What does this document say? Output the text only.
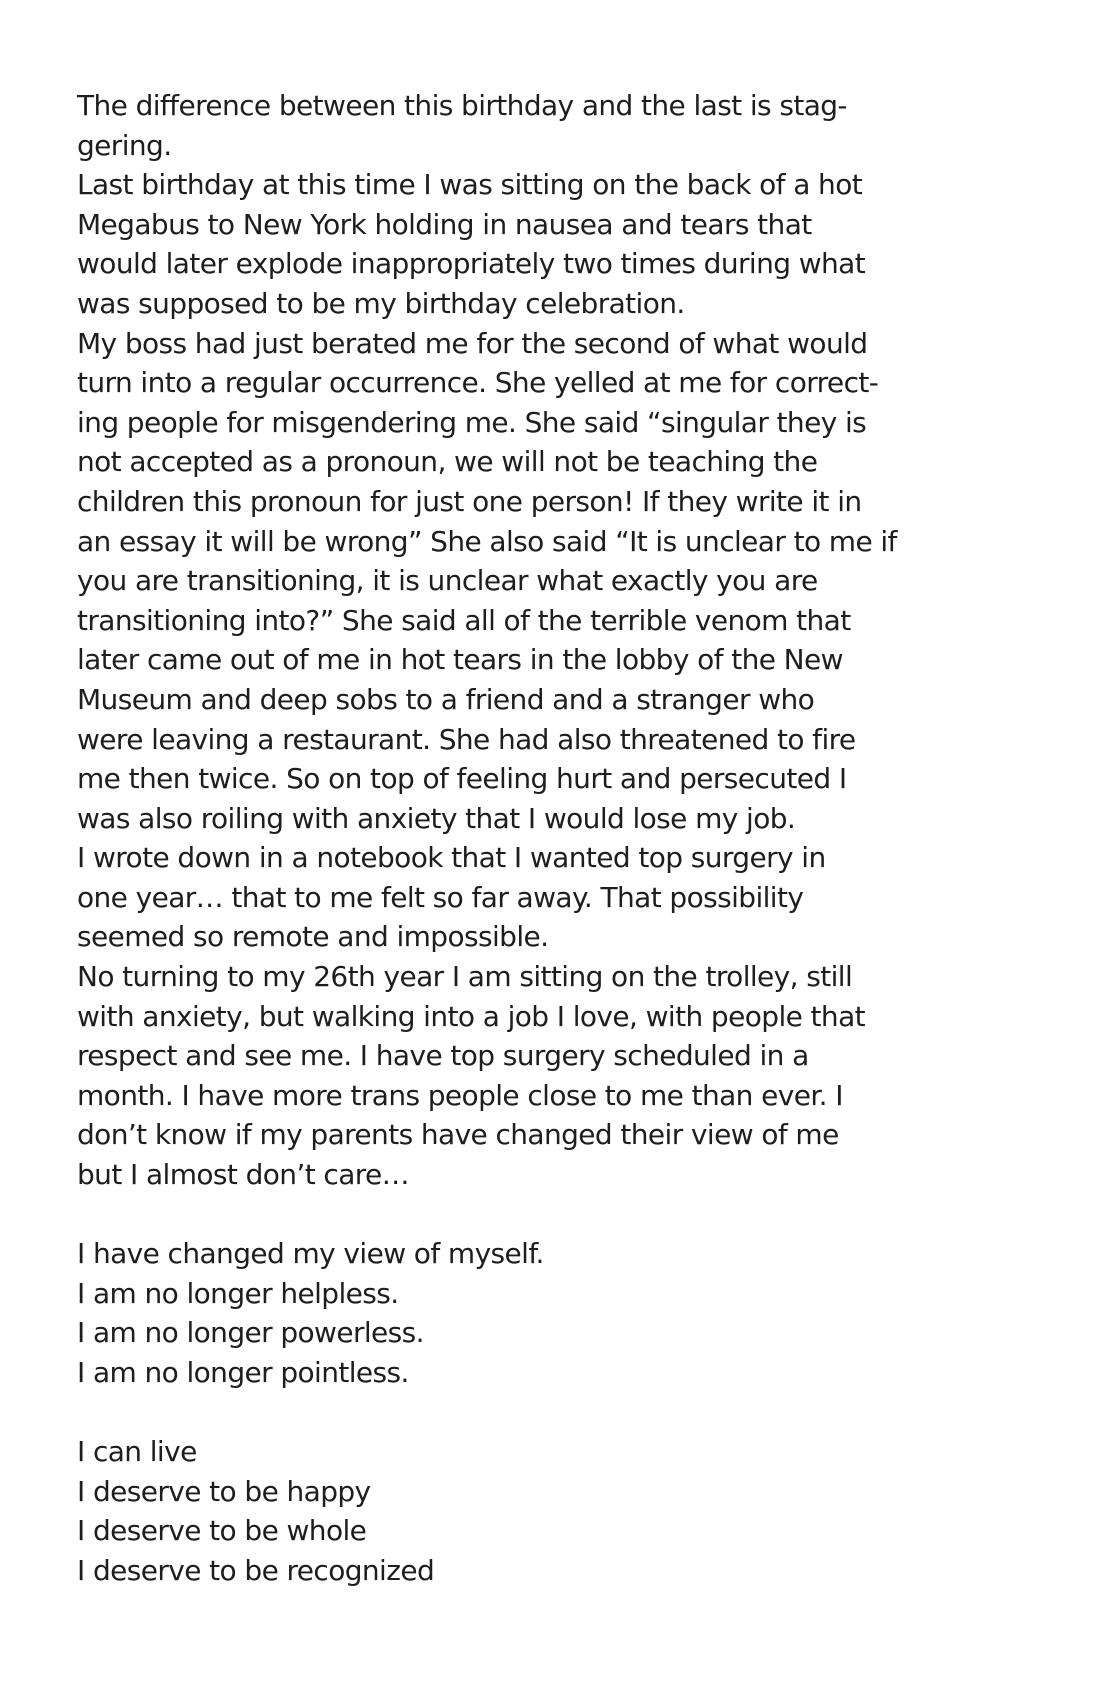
The difference between this birthday and the last is stag-
gering.
Last birthday at this time I was sitting on the back of a hot
Megabus to New York holding in nausea and tears that
would later explode inappropriately two times during what
was supposed to be my birthday celebration.
My boss had just berated me for the second of what would
turn into a regular occurrence. She yelled at me for correct-
ing people for misgendering me. She said “singular they is
not accepted as a pronoun, we will not be teaching the
children this pronoun for just one person! If they write it in
an essay it will be wrong” She also said “It is unclear to me if
you are transitioning, it is unclear what exactly you are
transitioning into?” She said all of the terrible venom that
later came out of me in hot tears in the lobby of the New
Museum and deep sobs to a friend and a stranger who
were leaving a restaurant. She had also threatened to fire
me then twice. So on top of feeling hurt and persecuted I
was also roiling with anxiety that I would lose my job.
I wrote down in a notebook that I wanted top surgery in
one year… that to me felt so far away. That possibility
seemed so remote and impossible.
No turning to my 26th year I am sitting on the trolley, still
with anxiety, but walking into a job I love, with people that
respect and see me. I have top surgery scheduled in a
month. I have more trans people close to me than ever. I
don’t know if my parents have changed their view of me
but I almost don’t care…
I have changed my view of myself.
I am no longer helpless.
I am no longer powerless.
I am no longer pointless.
I can live
I deserve to be happy
I deserve to be whole
I deserve to be recognized
